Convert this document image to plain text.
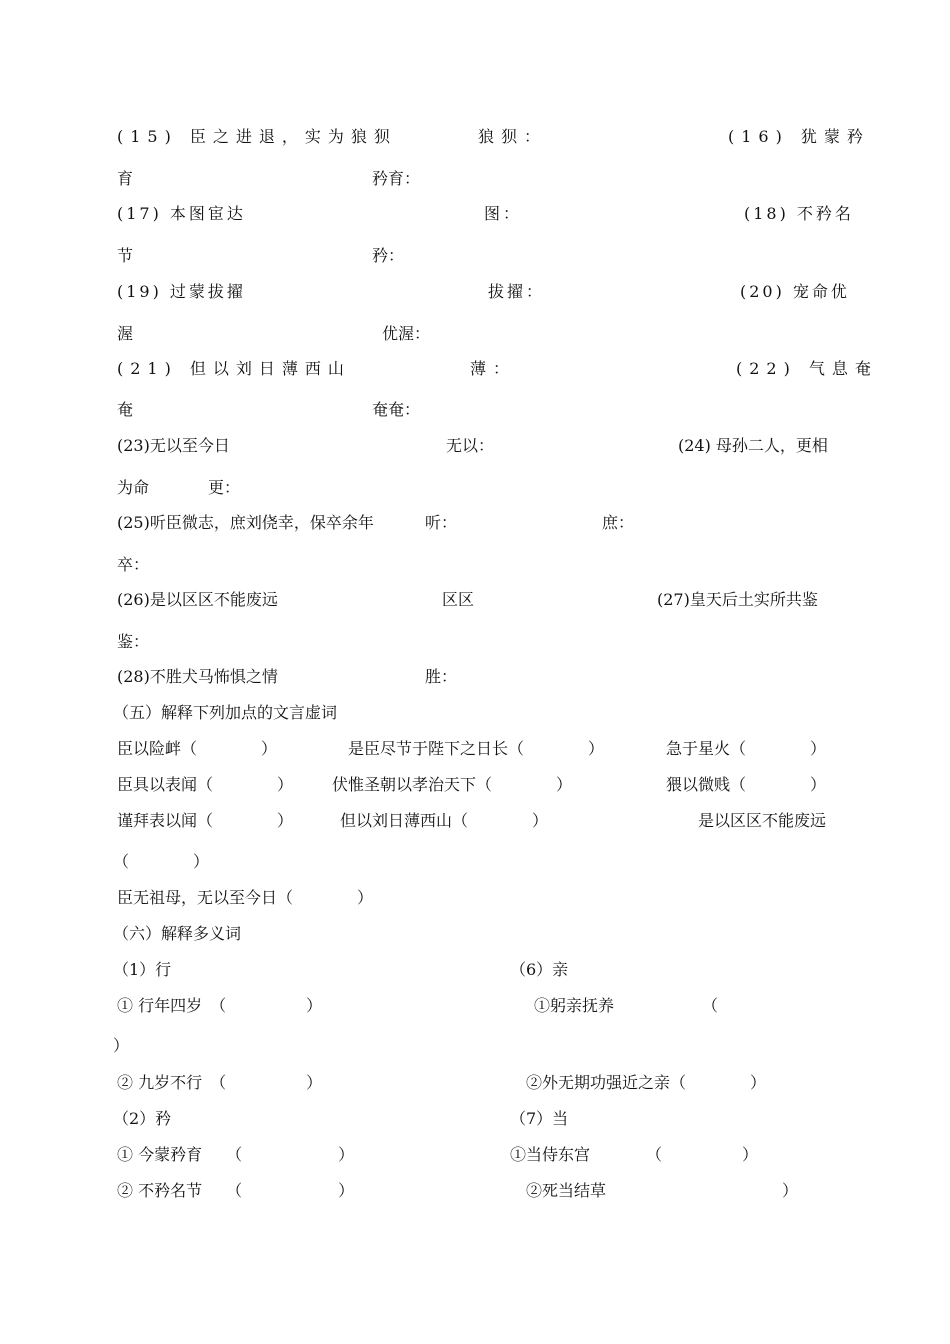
(15) 臣之进退，实为狼狈	狼狈：	(16) 犹蒙矜
育	矜育：
(17) 本图宦达	图：	(18) 不矜名
节	矜：
(19) 过蒙拔擢	拔擢：	(20) 宠命优
渥	优渥：
(21) 但以刘日薄西山	薄：	(22) 气息奄
奄	奄奄：
(23)无以至今日	无以：	(24) 母孙二人，更相
为命	更：
(25)听臣微志，庶刘侥幸，保卒余年	听：	庶：
卒：
(26)是以区区不能废远	区区	(27)皇天后土实所共鉴
鉴：
(28)不胜犬马怖惧之情	胜：
（五）解释下列加点的文言虚词
臣以险衅（　　　　）	是臣尽节于陛下之日长（　　　　）	急于星火（　　　　）
臣具以表闻（　　　　） 伏惟圣朝以孝治天下（　　　　）	猥以微贱（　　　　）
谨拜表以闻（　　　　）	但以刘日薄西山（　　　　）	是以区区不能废远
（　　　　）
臣无祖母，无以至今日（　　　　）
（六）解释多义词
（1）行	（6）亲
① 行年四岁　（　　　　　）	①躬亲抚养　　　　　　（
）
② 九岁不行　（　　　　　）	②外无期功强近之亲（　　　　）
（2）矜	（7）当
① 今蒙矜育　　（　　　　　　）	①当侍东宫　　　　（　　　　　）
② 不矜名节　　（　　　　　　）	②死当结草　　　　　　　　　　　）
